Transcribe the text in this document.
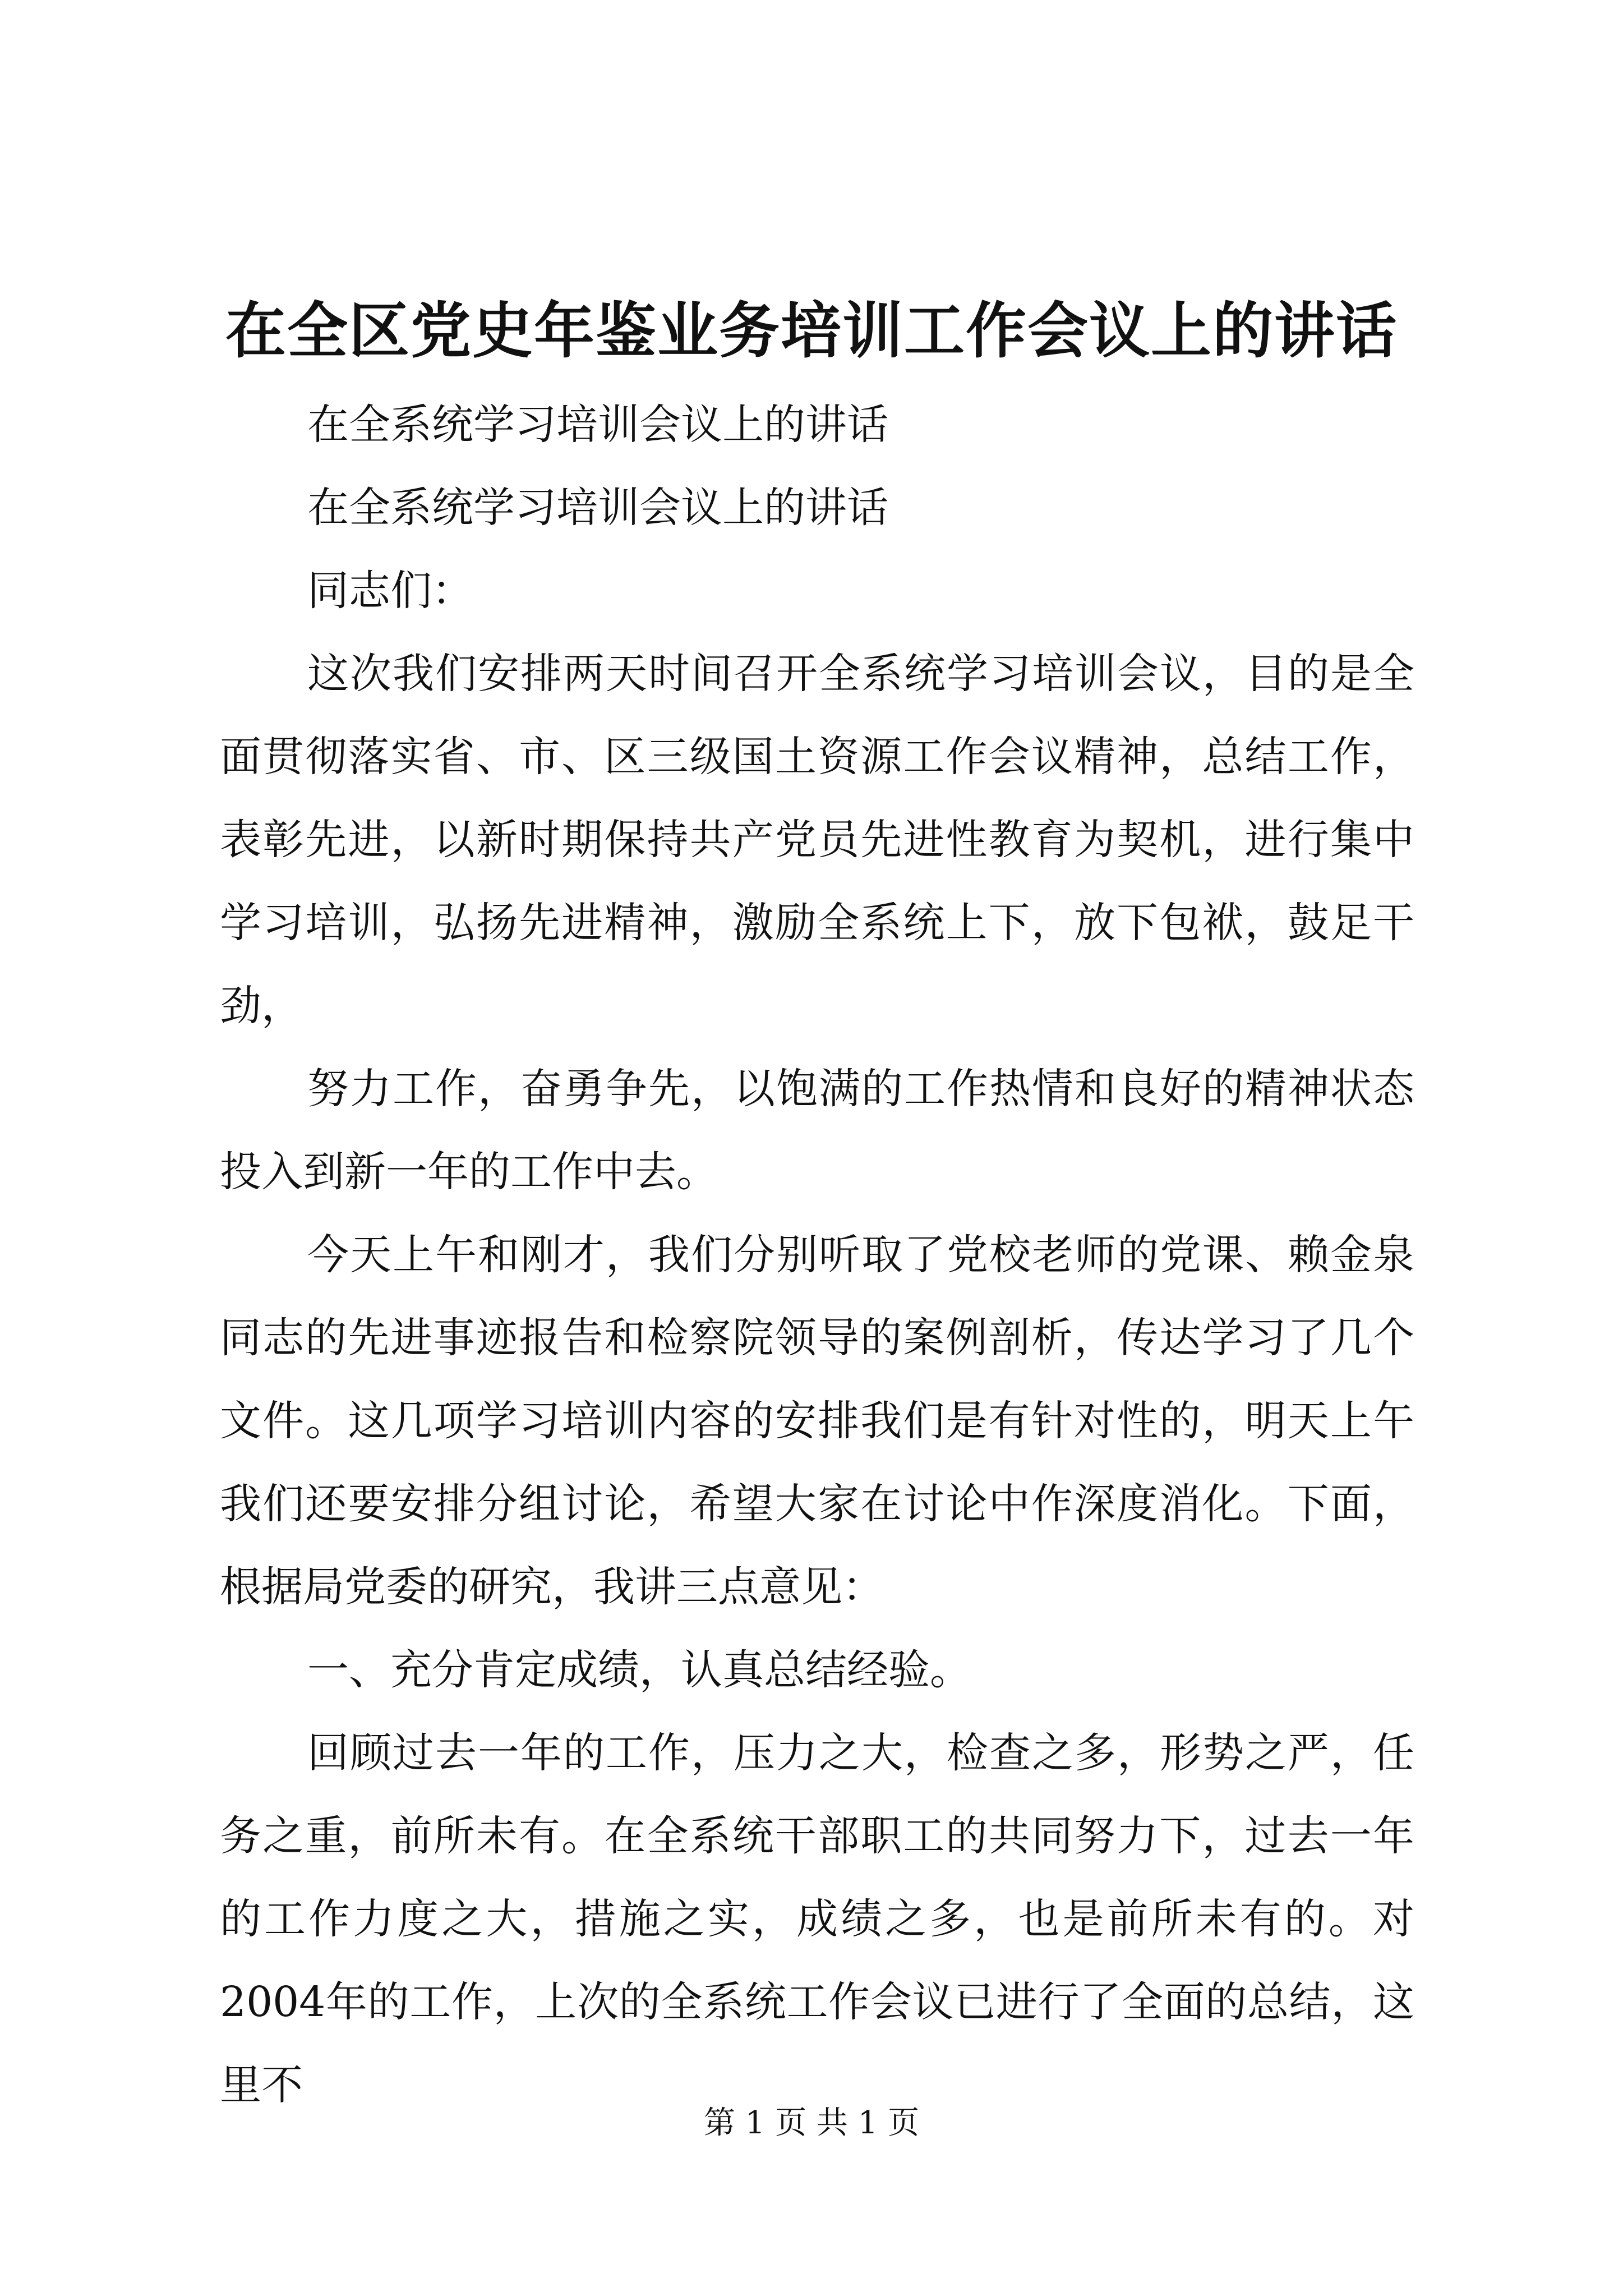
在全区党史年鉴业务培训工作会议上的讲话

在全系统学习培训会议上的讲话

在全系统学习培训会议上的讲话

同志们：

这次我们安排两天时间召开全系统学习培训会议，目的是全面贯彻落实省、市、区三级国土资源工作会议精神，总结工作，表彰先进，以新时期保持共产党员先进性教育为契机，进行集中学习培训，弘扬先进精神，激励全系统上下，放下包袱，鼓足干劲，

努力工作，奋勇争先，以饱满的工作热情和良好的精神状态投入到新一年的工作中去。

今天上午和刚才，我们分别听取了党校老师的党课、赖金泉同志的先进事迹报告和检察院领导的案例剖析，传达学习了几个文件。这几项学习培训内容的安排我们是有针对性的，明天上午我们还要安排分组讨论，希望大家在讨论中作深度消化。下面，根据局党委的研究，我讲三点意见：

一、充分肯定成绩，认真总结经验。

回顾过去一年的工作，压力之大，检查之多，形势之严，任务之重，前所未有。在全系统干部职工的共同努力下，过去一年的工作力度之大，措施之实，成绩之多，也是前所未有的。对2004年的工作，上次的全系统工作会议已进行了全面的总结，这里不

第 1 页 共 1 页
